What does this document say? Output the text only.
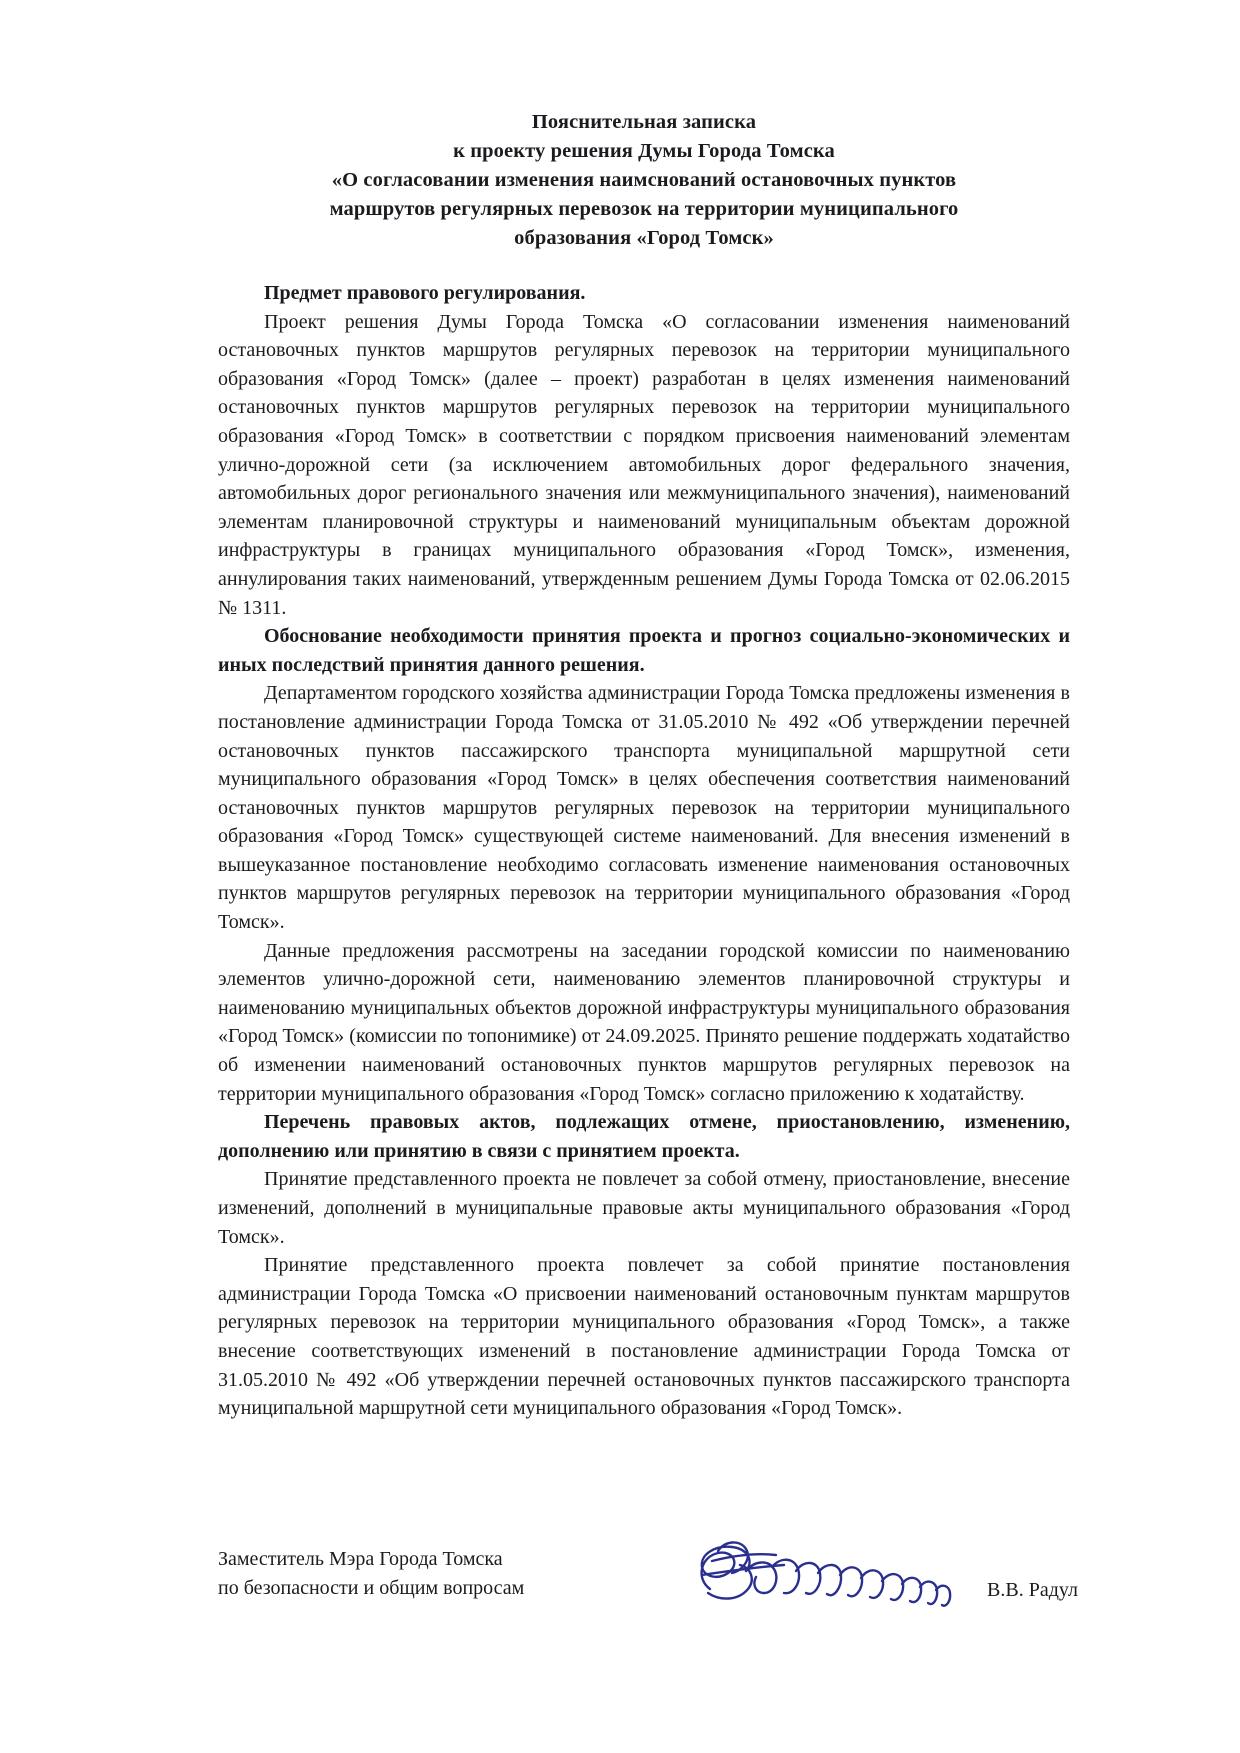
Пояснительная записка
к проекту решения Думы Города Томска
«О согласовании изменения наимснований остановочных пунктов
маршрутов регулярных перевозок на территории муниципального
образования «Город Томск»

Предмет правового регулирования.

Проект решения Думы Города Томска «О согласовании изменения наименований остановочных пунктов маршрутов регулярных перевозок на территории муниципального образования «Город Томск» (далее – проект) разработан в целях изменения наименований остановочных пунктов маршрутов регулярных перевозок на территории муниципального образования «Город Томск» в соответствии с порядком присвоения наименований элементам улично-дорожной сети (за исключением автомобильных дорог федерального значения, автомобильных дорог регионального значения или межмуниципального значения), наименований элементам планировочной структуры и наименований муниципальным объектам дорожной инфраструктуры в границах муниципального образования «Город Томск», изменения, аннулирования таких наименований, утвержденным решением Думы Города Томска от 02.06.2015 № 1311.

Обоснование необходимости принятия проекта и прогноз социально-экономических и иных последствий принятия данного решения.

Департаментом городского хозяйства администрации Города Томска предложены изменения в постановление администрации Города Томска от 31.05.2010 № 492 «Об утверждении перечней остановочных пунктов пассажирского транспорта муниципальной маршрутной сети муниципального образования «Город Томск» в целях обеспечения соответствия наименований остановочных пунктов маршрутов регулярных перевозок на территории муниципального образования «Город Томск» существующей системе наименований. Для внесения изменений в вышеуказанное постановление необходимо согласовать изменение наименования остановочных пунктов маршрутов регулярных перевозок на территории муниципального образования «Город Томск».

Данные предложения рассмотрены на заседании городской комиссии по наименованию элементов улично-дорожной сети, наименованию элементов планировочной структуры и наименованию муниципальных объектов дорожной инфраструктуры муниципального образования «Город Томск» (комиссии по топонимике) от 24.09.2025. Принято решение поддержать ходатайство об изменении наименований остановочных пунктов маршрутов регулярных перевозок на территории муниципального образования «Город Томск» согласно приложению к ходатайству.

Перечень правовых актов, подлежащих отмене, приостановлению, изменению, дополнению или принятию в связи с принятием проекта.

Принятие представленного проекта не повлечет за собой отмену, приостановление, внесение изменений, дополнений в муниципальные правовые акты муниципального образования «Город Томск».

Принятие представленного проекта повлечет за собой принятие постановления администрации Города Томска «О присвоении наименований остановочным пунктам маршрутов регулярных перевозок на территории муниципального образования «Город Томск», а также внесение соответствующих изменений в постановление администрации Города Томска от 31.05.2010 № 492 «Об утверждении перечней остановочных пунктов пассажирского транспорта муниципальной маршрутной сети муниципального образования «Город Томск».

Заместитель Мэра Города Томска
по безопасности и общим вопросам	В.В. Радул
